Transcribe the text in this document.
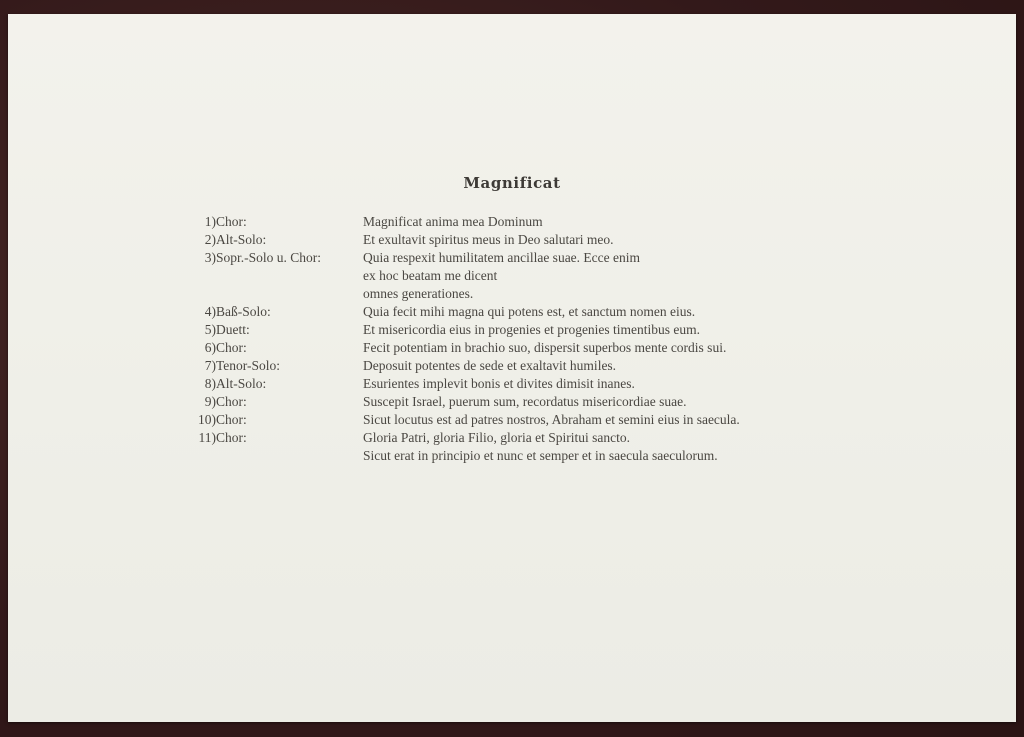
Magnificat
1) Chor:	Magnificat anima mea Dominum
2) Alt-Solo:	Et exultavit spiritus meus in Deo salutari meo.
3) Sopr.-Solo u. Chor:	Quia respexit humilitatem ancillae suae. Ecce enim
ex hoc beatam me dicent
omnes generationes.
4) Baß-Solo:	Quia fecit mihi magna qui potens est, et sanctum nomen eius.
5) Duett:	Et misericordia eius in progenies et progenies timentibus eum.
6) Chor:	Fecit potentiam in brachio suo, dispersit superbos mente cordis sui.
7) Tenor-Solo:	Deposuit potentes de sede et exaltavit humiles.
8) Alt-Solo:	Esurientes implevit bonis et divites dimisit inanes.
9) Chor:	Suscepit Israel, puerum sum, recordatus misericordiae suae.
10) Chor:	Sicut locutus est ad patres nostros, Abraham et semini eius in saecula.
11) Chor:	Gloria Patri, gloria Filio, gloria et Spiritui sancto.
Sicut erat in principio et nunc et semper et in saecula saeculorum.
